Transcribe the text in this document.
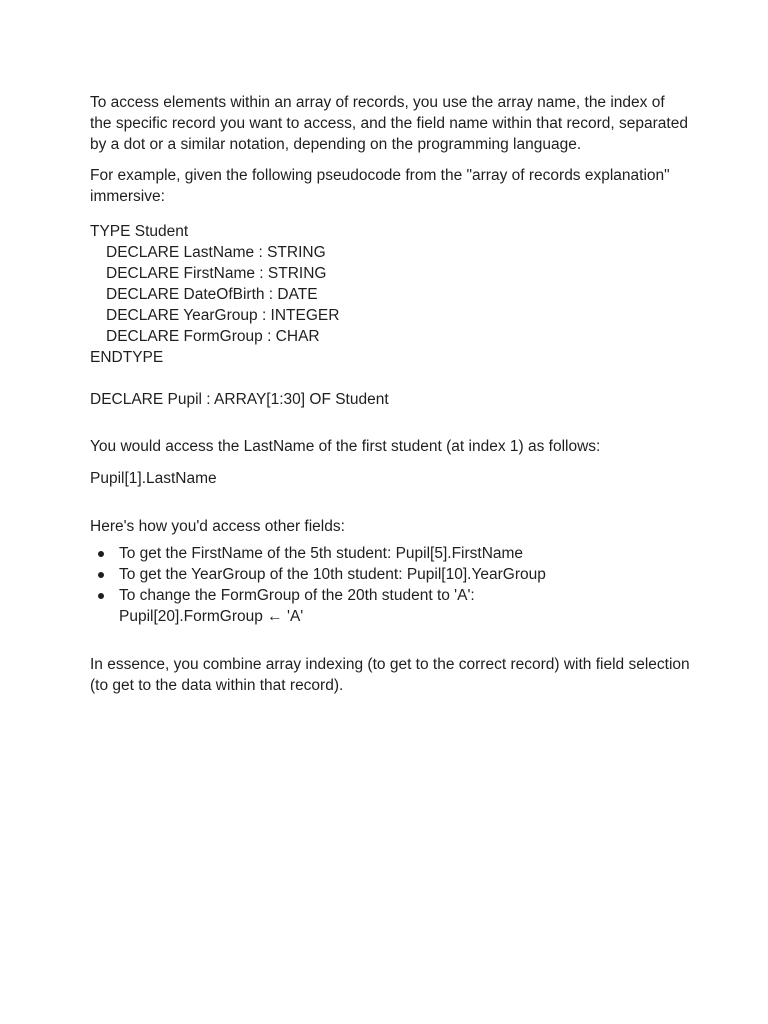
To access elements within an array of records, you use the array name, the index of the specific record you want to access, and the field name within that record, separated by a dot or a similar notation, depending on the programming language.

For example, given the following pseudocode from the "array of records explanation" immersive:

TYPE Student
DECLARE LastName : STRING
DECLARE FirstName : STRING
DECLARE DateOfBirth : DATE
DECLARE YearGroup : INTEGER
DECLARE FormGroup : CHAR
ENDTYPE
DECLARE Pupil : ARRAY[1:30] OF Student

You would access the LastName of the first student (at index 1) as follows:

Pupil[1].LastName

Here's how you'd access other fields:

To get the FirstName of the 5th student: Pupil[5].FirstName
To get the YearGroup of the 10th student: Pupil[10].YearGroup
To change the FormGroup of the 20th student to 'A':
Pupil[20].FormGroup ← 'A'

In essence, you combine array indexing (to get to the correct record) with field selection (to get to the data within that record).
